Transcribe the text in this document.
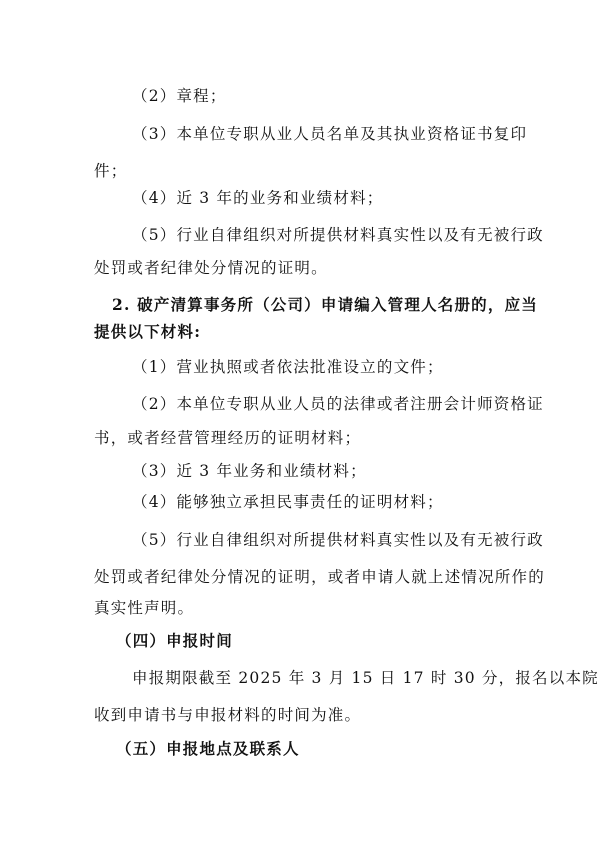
（2）章程；

（3）本单位专职从业人员名单及其执业资格证书复印

件；

（4）近 3 年的业务和业绩材料；

（5）行业自律组织对所提供材料真实性以及有无被行政

处罚或者纪律处分情况的证明。

2. 破产清算事务所（公司）申请编入管理人名册的，应当

提供以下材料:

（1）营业执照或者依法批准设立的文件；

（2）本单位专职从业人员的法律或者注册会计师资格证

书，或者经营管理经历的证明材料；

（3）近 3 年业务和业绩材料；

（4）能够独立承担民事责任的证明材料；

（5）行业自律组织对所提供材料真实性以及有无被行政

处罚或者纪律处分情况的证明，或者申请人就上述情况所作的

真实性声明。

（四）申报时间

申报期限截至 2025 年 3 月 15 日 17 时 30 分，报名以本院

收到申请书与申报材料的时间为准。

（五）申报地点及联系人
